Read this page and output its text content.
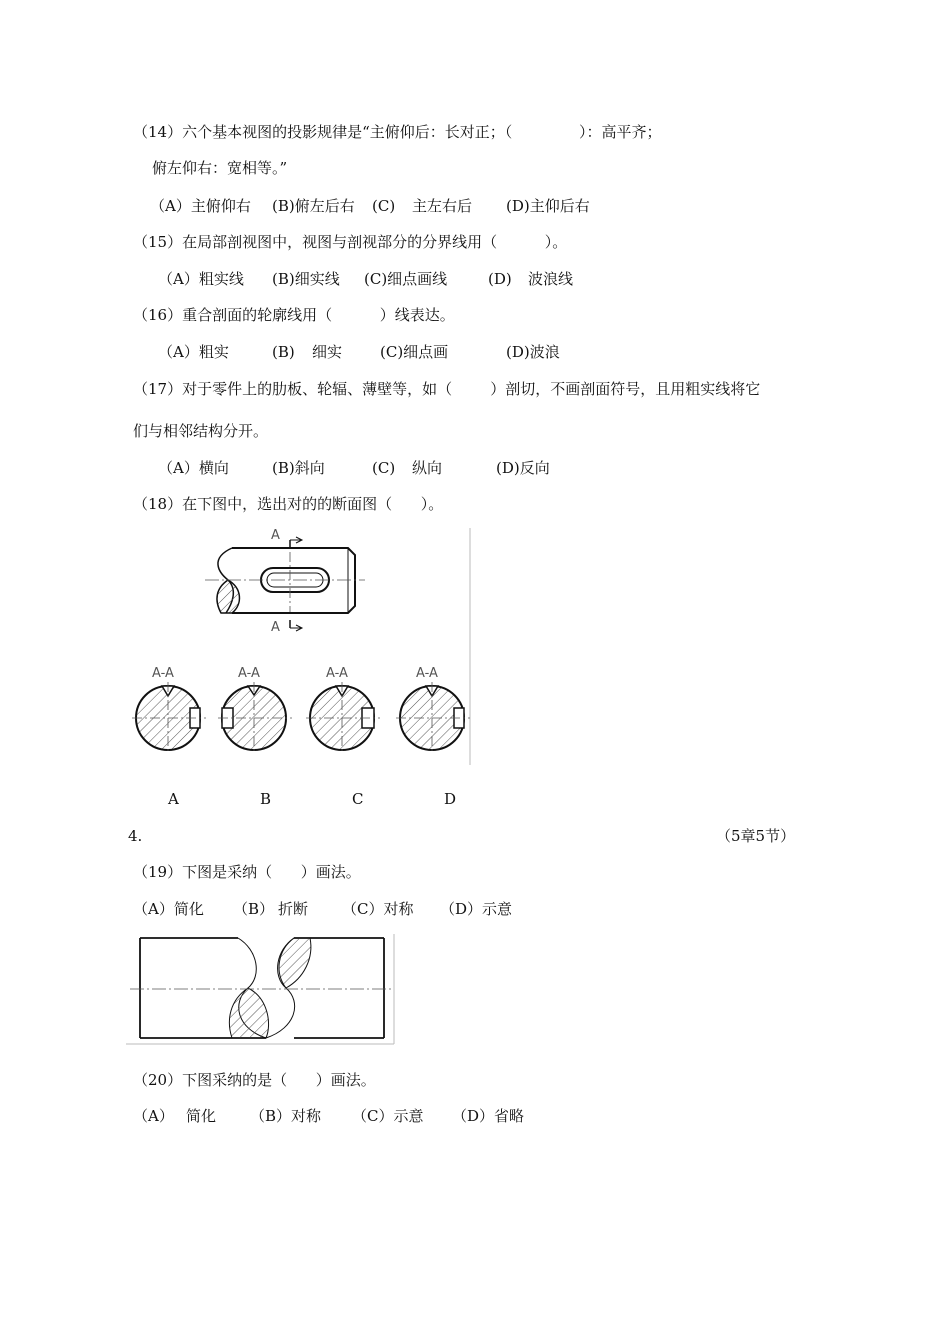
（14）六个基本视图的投影规律是“主俯仰后：长对正；（              ）：高平齐；
俯左仰右：宽相等。”
（A）主俯仰右 (B)俯左后右 (C) 主左右后 (D)主仰后右
（15）在局部剖视图中，视图与剖视部分的分界线用（          ）。
（A）粗实线 (B)细实线 (C)细点画线	(D) 波浪线
（16）重合剖面的轮廓线用（          ）线表达。
（A）粗实	(B) 细实	(C)细点画	(D)波浪
（17）对于零件上的肋板、轮辐、薄壁等，如（        ）剖切，不画剖面符号，且用粗实线将它
们与相邻结构分开。
（A）横向	(B)斜向	(C) 纵向	(D)反向
（18）在下图中，选出对的的断面图（      ）。
A
A
A-A	A-A	A-A	A-A
A	B	C	D
4.	（5章5节）
（19）下图是采纳（      ）画法。
（A）简化 （B） 折断 （C）对称 （D）示意
（20）下图采纳的是（      ）画法。
（A） 简化 （B）对称 （C）示意 （D）省略
